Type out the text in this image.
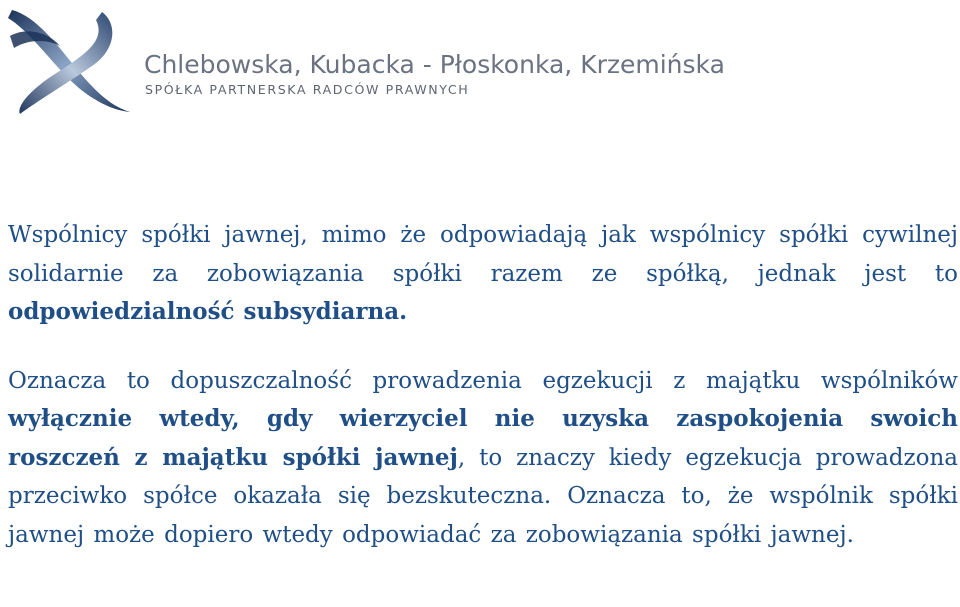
Chlebowska, Kubacka - Płoskonka, Krzemińska
SPÓŁKA PARTNERSKA RADCÓW PRAWNYCH

Wspólnicy spółki jawnej, mimo że odpowiadają jak wspólnicy spółki cywilnej solidarnie za zobowiązania spółki razem ze spółką, jednak jest to odpowiedzialność subsydiarna.

Oznacza to dopuszczalność prowadzenia egzekucji z majątku wspólników wyłącznie wtedy, gdy wierzyciel nie uzyska zaspokojenia swoich roszczeń z majątku spółki jawnej, to znaczy kiedy egzekucja prowadzona przeciwko spółce okazała się bezskuteczna. Oznacza to, że wspólnik spółki jawnej może dopiero wtedy odpowiadać za zobowiązania spółki jawnej.
